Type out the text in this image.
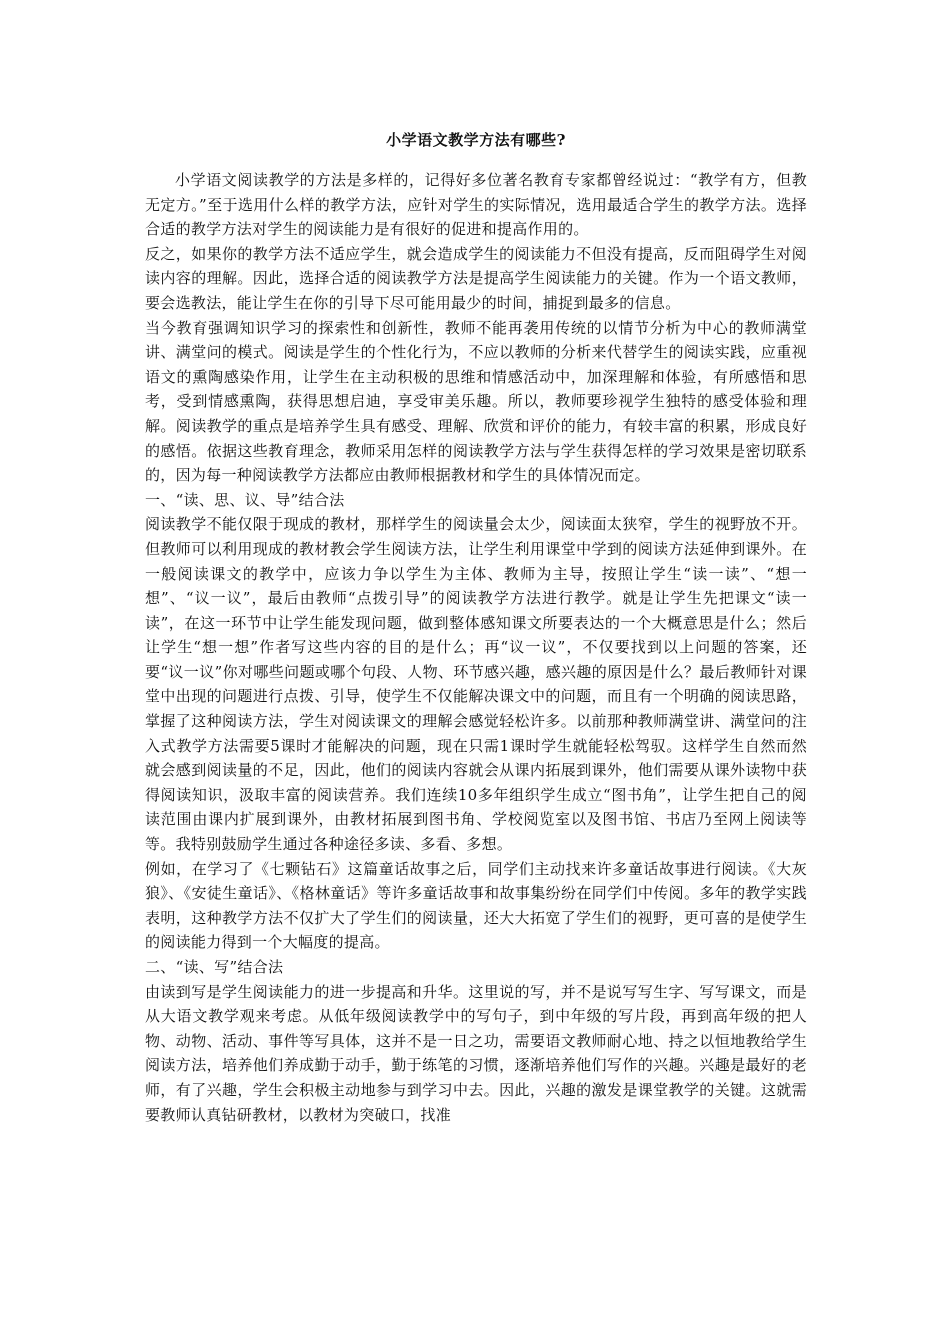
小学语文教学方法有哪些?

小学语文阅读教学的方法是多样的，记得好多位著名教育专家都曾经说过：“教学有方，但教无定方。”至于选用什么样的教学方法，应针对学生的实际情况，选用最适合学生的教学方法。选择合适的教学方法对学生的阅读能力是有很好的促进和提高作用的。

反之，如果你的教学方法不适应学生，就会造成学生的阅读能力不但没有提高，反而阻碍学生对阅读内容的理解。因此，选择合适的阅读教学方法是提高学生阅读能力的关键。作为一个语文教师，要会选教法，能让学生在你的引导下尽可能用最少的时间，捕捉到最多的信息。

当今教育强调知识学习的探索性和创新性，教师不能再袭用传统的以情节分析为中心的教师满堂讲、满堂问的模式。阅读是学生的个性化行为，不应以教师的分析来代替学生的阅读实践，应重视语文的熏陶感染作用，让学生在主动积极的思维和情感活动中，加深理解和体验，有所感悟和思考，受到情感熏陶，获得思想启迪，享受审美乐趣。所以，教师要珍视学生独特的感受体验和理解。阅读教学的重点是培养学生具有感受、理解、欣赏和评价的能力，有较丰富的积累，形成良好的感悟。依据这些教育理念，教师采用怎样的阅读教学方法与学生获得怎样的学习效果是密切联系的，因为每一种阅读教学方法都应由教师根据教材和学生的具体情况而定。

一、“读、思、议、导”结合法

阅读教学不能仅限于现成的教材，那样学生的阅读量会太少，阅读面太狭窄，学生的视野放不开。但教师可以利用现成的教材教会学生阅读方法，让学生利用课堂中学到的阅读方法延伸到课外。在一般阅读课文的教学中，应该力争以学生为主体、教师为主导，按照让学生“读一读”、“想一想”、“议一议”，最后由教师“点拨引导”的阅读教学方法进行教学。就是让学生先把课文“读一读”，在这一环节中让学生能发现问题，做到整体感知课文所要表达的一个大概意思是什么；然后让学生“想一想”作者写这些内容的目的是什么；再“议一议”，不仅要找到以上问题的答案，还要“议一议”你对哪些问题或哪个句段、人物、环节感兴趣，感兴趣的原因是什么？最后教师针对课堂中出现的问题进行点拨、引导，使学生不仅能解决课文中的问题，而且有一个明确的阅读思路，掌握了这种阅读方法，学生对阅读课文的理解会感觉轻松许多。以前那种教师满堂讲、满堂问的注入式教学方法需要5课时才能解决的问题，现在只需1课时学生就能轻松驾驭。这样学生自然而然就会感到阅读量的不足，因此，他们的阅读内容就会从课内拓展到课外，他们需要从课外读物中获得阅读知识，汲取丰富的阅读营养。我们连续10多年组织学生成立“图书角”，让学生把自己的阅读范围由课内扩展到课外，由教材拓展到图书角、学校阅览室以及图书馆、书店乃至网上阅读等等。我特别鼓励学生通过各种途径多读、多看、多想。

例如，在学习了《七颗钻石》这篇童话故事之后，同学们主动找来许多童话故事进行阅读。《大灰狼》、《安徒生童话》、《格林童话》等许多童话故事和故事集纷纷在同学们中传阅。多年的教学实践表明，这种教学方法不仅扩大了学生们的阅读量，还大大拓宽了学生们的视野，更可喜的是使学生的阅读能力得到一个大幅度的提高。

二、“读、写”结合法

由读到写是学生阅读能力的进一步提高和升华。这里说的写，并不是说写写生字、写写课文，而是从大语文教学观来考虑。从低年级阅读教学中的写句子，到中年级的写片段，再到高年级的把人物、动物、活动、事件等写具体，这并不是一日之功，需要语文教师耐心地、持之以恒地教给学生阅读方法，培养他们养成勤于动手，勤于练笔的习惯，逐渐培养他们写作的兴趣。兴趣是最好的老师，有了兴趣，学生会积极主动地参与到学习中去。因此，兴趣的激发是课堂教学的关键。这就需要教师认真钻研教材，以教材为突破口，找准
